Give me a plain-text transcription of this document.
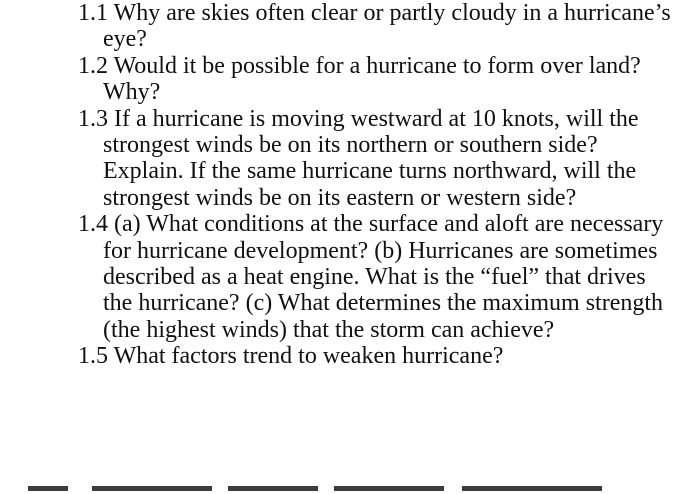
1.1 Why are skies often clear or partly cloudy in a hurricane’s eye?
1.2 Would it be possible for a hurricane to form over land? Why?
1.3 If a hurricane is moving westward at 10 knots, will the strongest winds be on its northern or southern side? Explain. If the same hurricane turns northward, will the strongest winds be on its eastern or western side?
1.4 (a) What conditions at the surface and aloft are necessary for hurricane development? (b) Hurricanes are sometimes described as a heat engine. What is the “fuel” that drives the hurricane? (c) What determines the maximum strength (the highest winds) that the storm can achieve?
1.5 What factors trend to weaken hurricane?
